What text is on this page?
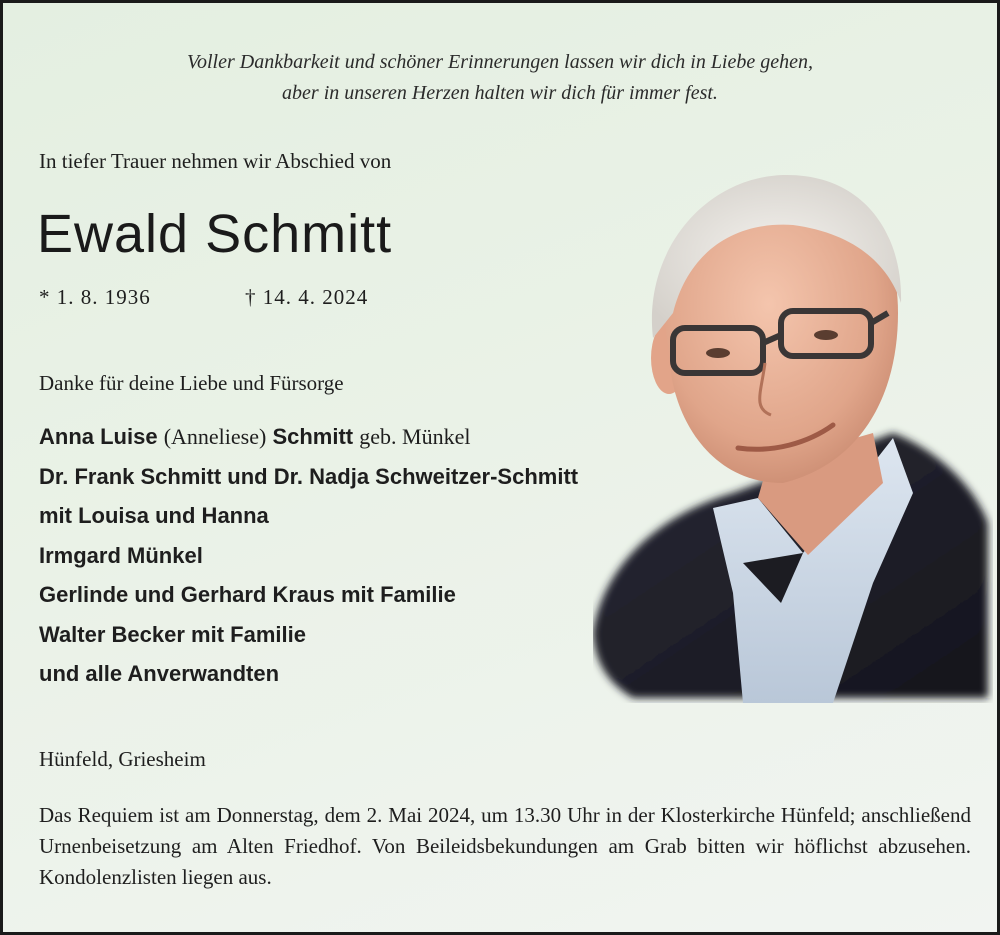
Voller Dankbarkeit und schöner Erinnerungen lassen wir dich in Liebe gehen,
aber in unseren Herzen halten wir dich für immer fest.

In tiefer Trauer nehmen wir Abschied von

Ewald Schmitt
* 1. 8. 1936	† 14. 4. 2024

Danke für deine Liebe und Fürsorge

Anna Luise (Anneliese) Schmitt geb. Münkel
Dr. Frank Schmitt und Dr. Nadja Schweitzer-Schmitt
mit Louisa und Hanna
Irmgard Münkel
Gerlinde und Gerhard Kraus mit Familie
Walter Becker mit Familie
und alle Anverwandten

Hünfeld, Griesheim

Das Requiem ist am Donnerstag, dem 2. Mai 2024, um 13.30 Uhr in der Klosterkirche Hünfeld; anschließend Urnenbeisetzung am Alten Friedhof. Von Beileidsbekundungen am Grab bitten wir höflichst abzusehen. Kondolenzlisten liegen aus.
